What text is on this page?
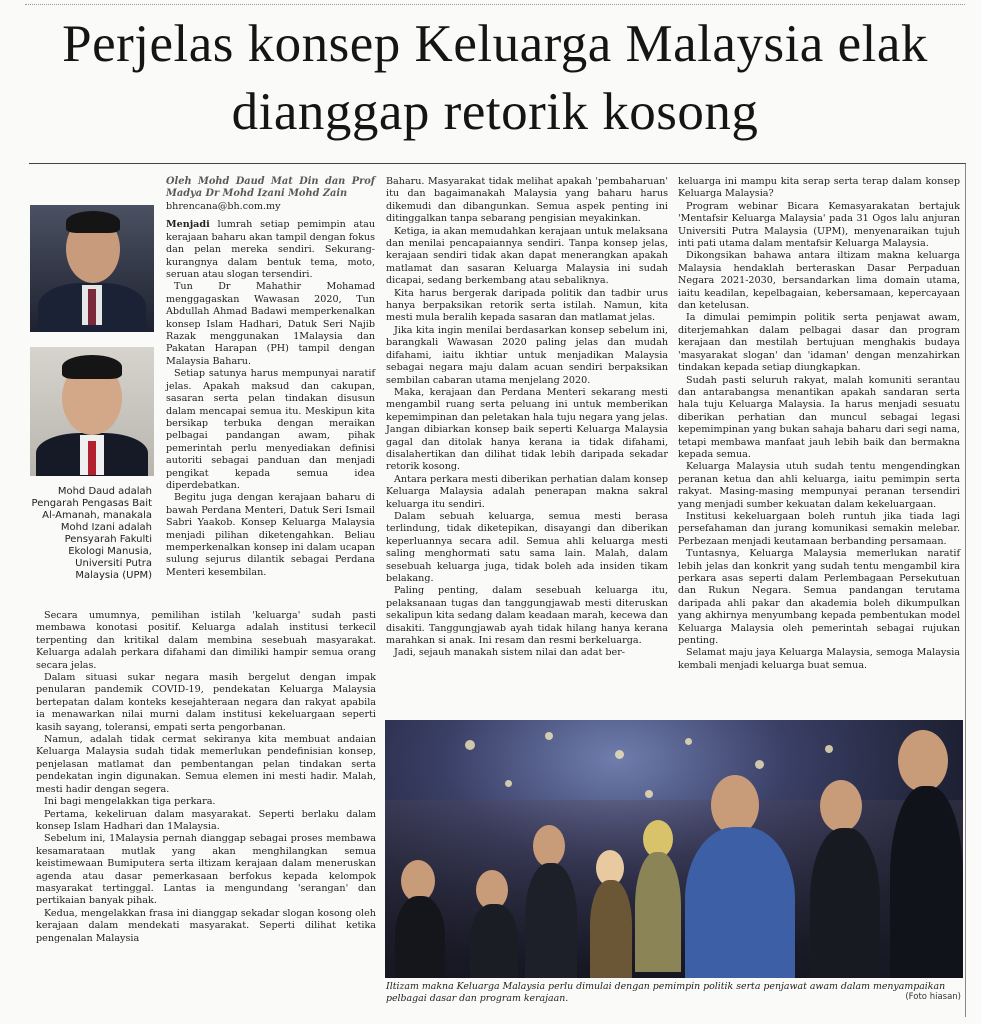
Perjelas konsep Keluarga Malaysia elak dianggap retorik kosong

Mohd Daud adalah Pengarah Pengasas Bait Al-Amanah, manakala Mohd Izani adalah Pensyarah Fakulti Ekologi Manusia, Universiti Putra Malaysia (UPM)

Oleh Mohd Daud Mat Din dan Prof Madya Dr Mohd Izani Mohd Zain
bhrencana@bh.com.my

Menjadi lumrah setiap pemimpin atau kerajaan baharu akan tampil dengan fokus dan pelan mereka sendiri. Sekurang-kurangnya dalam bentuk tema, moto, seruan atau slogan tersendiri.

Tun Dr Mahathir Mohamad menggagaskan Wawasan 2020, Tun Abdullah Ahmad Badawi memperkenalkan konsep Islam Hadhari, Datuk Seri Najib Razak menggunakan 1Malaysia dan Pakatan Harapan (PH) tampil dengan Malaysia Baharu.

Setiap satunya harus mempunyai naratif jelas. Apakah maksud dan cakupan, sasaran serta pelan tindakan disusun dalam mencapai semua itu. Meskipun kita bersikap terbuka dengan meraikan pelbagai pandangan awam, pihak pemerintah perlu menyediakan definisi autoriti sebagai panduan dan menjadi pengikat kepada semua idea diperdebatkan.

Begitu juga dengan kerajaan baharu di bawah Perdana Menteri, Datuk Seri Ismail Sabri Yaakob. Konsep Keluarga Malaysia menjadi pilihan diketengahkan. Beliau memperkenalkan konsep ini dalam ucapan sulung sejurus dilantik sebagai Perdana Menteri kesembilan.

Secara umumnya, pemilihan istilah 'keluarga' sudah pasti membawa konotasi positif. Keluarga adalah institusi terkecil terpenting dan kritikal dalam membina sesebuah masyarakat. Keluarga adalah perkara difahami dan dimiliki hampir semua orang secara jelas.

Dalam situasi sukar negara masih bergelut dengan impak penularan pandemik COVID-19, pendekatan Keluarga Malaysia bertepatan dalam konteks kesejahteraan negara dan rakyat apabila ia menawarkan nilai murni dalam institusi kekeluargaan seperti kasih sayang, toleransi, empati serta pengorbanan.

Namun, adalah tidak cermat sekiranya kita membuat andaian Keluarga Malaysia sudah tidak memerlukan pendefinisian konsep, penjelasan matlamat dan pembentangan pelan tindakan serta pendekatan ingin digunakan. Semua elemen ini mesti hadir. Malah, mesti hadir dengan segera.

Ini bagi mengelakkan tiga perkara.

Pertama, kekeliruan dalam masyarakat. Seperti berlaku dalam konsep Islam Hadhari dan 1Malaysia.

Sebelum ini, 1Malaysia pernah dianggap sebagai proses membawa kesamarataan mutlak yang akan menghilangkan semua keistimewaan Bumiputera serta iltizam kerajaan dalam meneruskan agenda atau dasar pemerkasaan berfokus kepada kelompok masyarakat tertinggal. Lantas ia mengundang 'serangan' dan pertikaian banyak pihak.

Kedua, mengelakkan frasa ini dianggap sekadar slogan kosong oleh kerajaan dalam mendekati masyarakat. Seperti dilihat ketika pengenalan Malaysia

Baharu. Masyarakat tidak melihat apakah 'pembaharuan' itu dan bagaimanakah Malaysia yang baharu harus dikemudi dan dibangunkan. Semua aspek penting ini ditinggalkan tanpa sebarang pengisian meyakinkan.

Ketiga, ia akan memudahkan kerajaan untuk melaksana dan menilai pencapaiannya sendiri. Tanpa konsep jelas, kerajaan sendiri tidak akan dapat menerangkan apakah matlamat dan sasaran Keluarga Malaysia ini sudah dicapai, sedang berkembang atau sebaliknya.

Kita harus bergerak daripada politik dan tadbir urus hanya berpaksikan retorik serta istilah. Namun, kita mesti mula beralih kepada sasaran dan matlamat jelas.

Jika kita ingin menilai berdasarkan konsep sebelum ini, barangkali Wawasan 2020 paling jelas dan mudah difahami, iaitu ikhtiar untuk menjadikan Malaysia sebagai negara maju dalam acuan sendiri berpaksikan sembilan cabaran utama menjelang 2020.

Maka, kerajaan dan Perdana Menteri sekarang mesti mengambil ruang serta peluang ini untuk memberikan kepemimpinan dan peletakan hala tuju negara yang jelas. Jangan dibiarkan konsep baik seperti Keluarga Malaysia gagal dan ditolak hanya kerana ia tidak difahami, disalahertikan dan dilihat tidak lebih daripada sekadar retorik kosong.

Antara perkara mesti diberikan perhatian dalam konsep Keluarga Malaysia adalah penerapan makna sakral keluarga itu sendiri.

Dalam sebuah keluarga, semua mesti berasa terlindung, tidak diketepikan, disayangi dan diberikan keperluannya secara adil. Semua ahli keluarga mesti saling menghormati satu sama lain. Malah, dalam sesebuah keluarga juga, tidak boleh ada insiden tikam belakang.

Paling penting, dalam sesebuah keluarga itu, pelaksanaan tugas dan tanggungjawab mesti diteruskan sekalipun kita sedang dalam keadaan marah, kecewa dan disakiti. Tanggungjawab ayah tidak hilang hanya kerana marahkan si anak. Ini resam dan resmi berkeluarga.

Jadi, sejauh manakah sistem nilai dan adat ber-

keluarga ini mampu kita serap serta terap dalam konsep Keluarga Malaysia?

Program webinar Bicara Kemasyarakatan bertajuk 'Mentafsir Keluarga Malaysia' pada 31 Ogos lalu anjuran Universiti Putra Malaysia (UPM), menyenaraikan tujuh inti pati utama dalam mentafsir Keluarga Malaysia.

Dikongsikan bahawa antara iltizam makna keluarga Malaysia hendaklah berteraskan Dasar Perpaduan Negara 2021-2030, bersandarkan lima domain utama, iaitu keadilan, kepelbagaian, kebersamaan, kepercayaan dan ketelusan.

Ia dimulai pemimpin politik serta penjawat awam, diterjemahkan dalam pelbagai dasar dan program kerajaan dan mestilah bertujuan menghakis budaya 'masyarakat slogan' dan 'idaman' dengan menzahirkan tindakan kepada setiap diungkapkan.

Sudah pasti seluruh rakyat, malah komuniti serantau dan antarabangsa menantikan apakah sandaran serta hala tuju Keluarga Malaysia. Ia harus menjadi sesuatu diberikan perhatian dan muncul sebagai legasi kepemimpinan yang bukan sahaja baharu dari segi nama, tetapi membawa manfaat jauh lebih baik dan bermakna kepada semua.

Keluarga Malaysia utuh sudah tentu mengendingkan peranan ketua dan ahli keluarga, iaitu pemimpin serta rakyat. Masing-masing mempunyai peranan tersendiri yang menjadi sumber kekuatan dalam kekeluargaan.

Institusi kekeluargaan boleh runtuh jika tiada lagi persefahaman dan jurang komunikasi semakin melebar. Perbezaan menjadi keutamaan berbanding persamaan.

Tuntasnya, Keluarga Malaysia memerlukan naratif lebih jelas dan konkrit yang sudah tentu mengambil kira perkara asas seperti dalam Perlembagaan Persekutuan dan Rukun Negara. Semua pandangan terutama daripada ahli pakar dan akademia boleh dikumpulkan yang akhirnya menyumbang kepada pembentukan model Keluarga Malaysia oleh pemerintah sebagai rujukan penting.

Selamat maju jaya Keluarga Malaysia, semoga Malaysia kembali menjadi keluarga buat semua.

Iltizam makna Keluarga Malaysia perlu dimulai dengan pemimpin politik serta penjawat awam dalam menyampaikan pelbagai dasar dan program kerajaan.	(Foto hiasan)
